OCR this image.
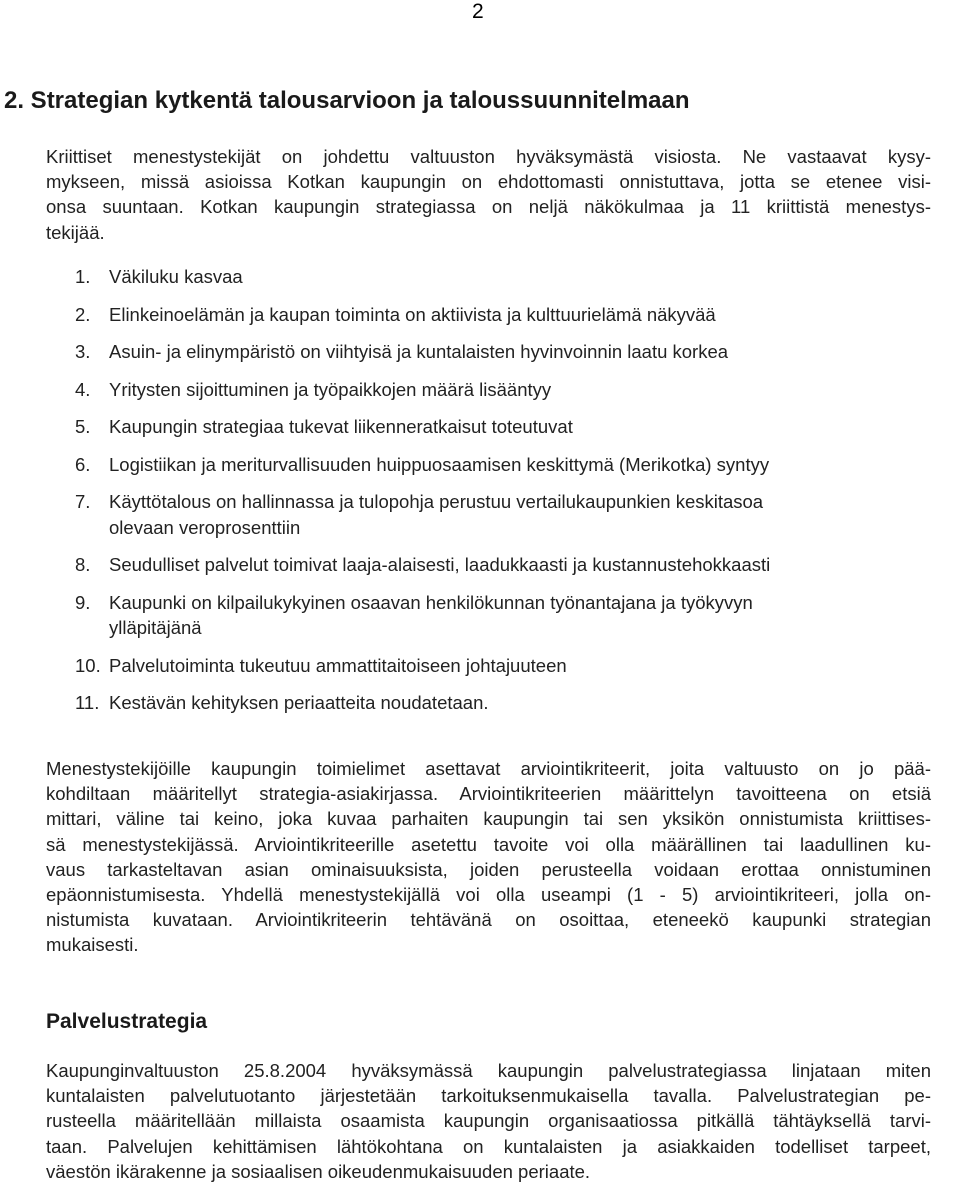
2
2. Strategian kytkentä talousarvioon ja taloussuunnitelmaan
Kriittiset menestystekijät on johdettu valtuuston hyväksymästä visiosta. Ne vastaavat kysy-
mykseen, missä asioissa Kotkan kaupungin on ehdottomasti onnistuttava, jotta se etenee visi-
onsa suuntaan. Kotkan kaupungin strategiassa on neljä näkökulmaa ja 11 kriittistä menestys-
tekijää.
1. Väkiluku kasvaa
2. Elinkeinoelämän ja kaupan toiminta on aktiivista ja kulttuurielämä näkyvää
3. Asuin- ja elinympäristö on viihtyisä ja kuntalaisten hyvinvoinnin laatu korkea
4. Yritysten sijoittuminen ja työpaikkojen määrä lisääntyy
5. Kaupungin strategiaa tukevat liikenneratkaisut toteutuvat
6. Logistiikan ja meriturvallisuuden huippuosaamisen keskittymä (Merikotka) syntyy
7. Käyttötalous on hallinnassa ja tulopohja perustuu vertailukaupunkien keskitasoa
olevaan veroprosenttiin
8. Seudulliset palvelut toimivat laaja-alaisesti, laadukkaasti ja kustannustehokkaasti
9. Kaupunki on kilpailukykyinen osaavan henkilökunnan työnantajana ja työkyvyn
ylläpitäjänä
10. Palvelutoiminta tukeutuu ammattitaitoiseen johtajuuteen
11. Kestävän kehityksen periaatteita noudatetaan.
Menestystekijöille kaupungin toimielimet asettavat arviointikriteerit, joita valtuusto on jo pää-
kohdiltaan määritellyt strategia-asiakirjassa. Arviointikriteerien määrittelyn tavoitteena on etsiä
mittari, väline tai keino, joka kuvaa parhaiten kaupungin tai sen yksikön onnistumista kriittises-
sä menestystekijässä. Arviointikriteerille asetettu tavoite voi olla määrällinen tai laadullinen ku-
vaus tarkasteltavan asian ominaisuuksista, joiden perusteella voidaan erottaa onnistuminen
epäonnistumisesta. Yhdellä menestystekijällä voi olla useampi (1 - 5) arviointikriteeri, jolla on-
nistumista kuvataan. Arviointikriteerin tehtävänä on osoittaa, eteneekö kaupunki strategian
mukaisesti.
Palvelustrategia
Kaupunginvaltuuston 25.8.2004 hyväksymässä kaupungin palvelustrategiassa linjataan miten
kuntalaisten palvelutuotanto järjestetään tarkoituksenmukaisella tavalla. Palvelustrategian pe-
rusteella määritellään millaista osaamista kaupungin organisaatiossa pitkällä tähtäyksellä tarvi-
taan. Palvelujen kehittämisen lähtökohtana on kuntalaisten ja asiakkaiden todelliset tarpeet,
väestön ikärakenne ja sosiaalisen oikeudenmukaisuuden periaate.
